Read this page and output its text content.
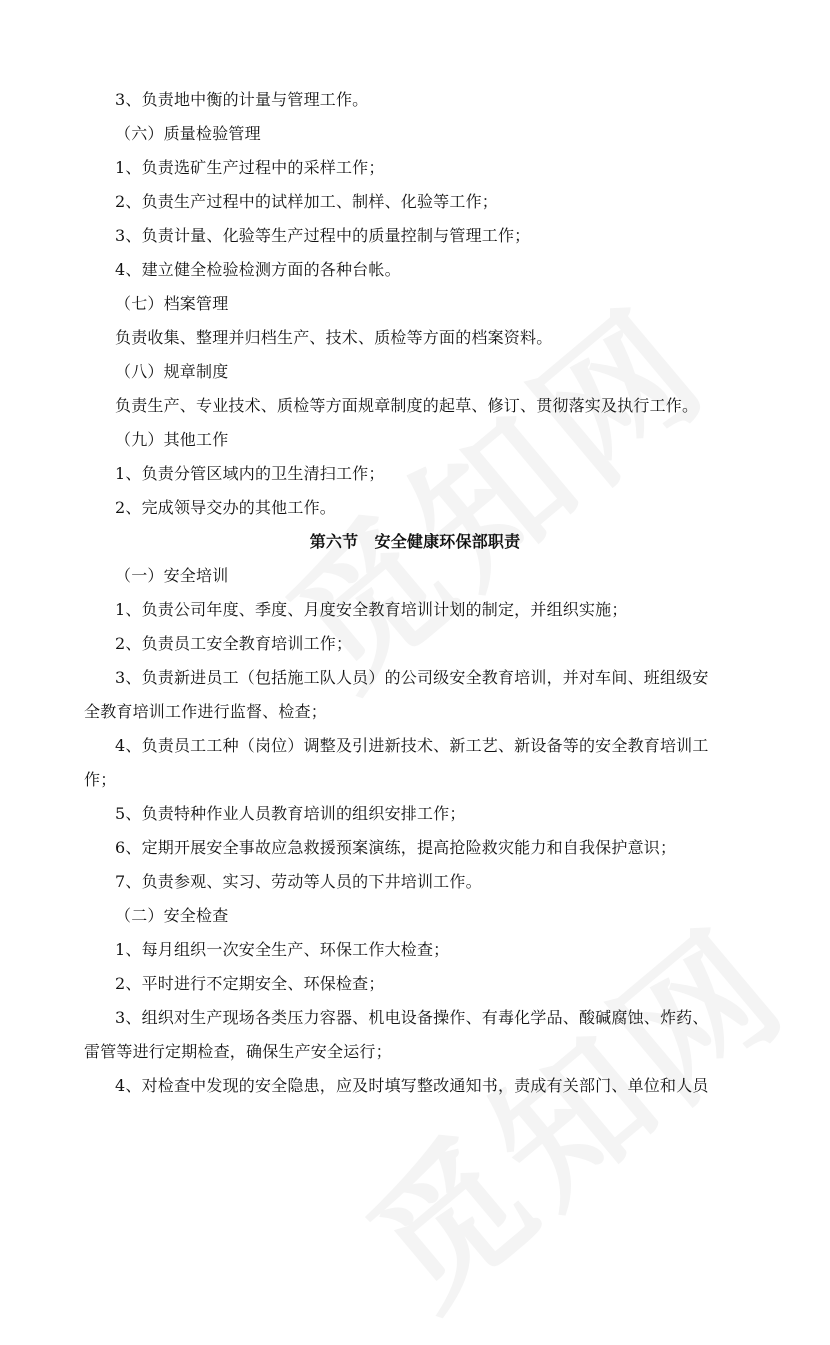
3、负责地中衡的计量与管理工作。
（六）质量检验管理
1、负责选矿生产过程中的采样工作；
2、负责生产过程中的试样加工、制样、化验等工作；
3、负责计量、化验等生产过程中的质量控制与管理工作；
4、建立健全检验检测方面的各种台帐。
（七）档案管理
负责收集、整理并归档生产、技术、质检等方面的档案资料。
（八）规章制度
负责生产、专业技术、质检等方面规章制度的起草、修订、贯彻落实及执行工作。
（九）其他工作
1、负责分管区域内的卫生清扫工作；
2、完成领导交办的其他工作。
第六节　安全健康环保部职责
（一）安全培训
1、负责公司年度、季度、月度安全教育培训计划的制定，并组织实施；
2、负责员工安全教育培训工作；
3、负责新进员工（包括施工队人员）的公司级安全教育培训，并对车间、班组级安
全教育培训工作进行监督、检查；
4、负责员工工种（岗位）调整及引进新技术、新工艺、新设备等的安全教育培训工
作；
5、负责特种作业人员教育培训的组织安排工作；
6、定期开展安全事故应急救援预案演练，提高抢险救灾能力和自我保护意识；
7、负责参观、实习、劳动等人员的下井培训工作。
（二）安全检查
1、每月组织一次安全生产、环保工作大检查；
2、平时进行不定期安全、环保检查；
3、组织对生产现场各类压力容器、机电设备操作、有毒化学品、酸碱腐蚀、炸药、
雷管等进行定期检查，确保生产安全运行；
4、对检查中发现的安全隐患，应及时填写整改通知书，责成有关部门、单位和人员
